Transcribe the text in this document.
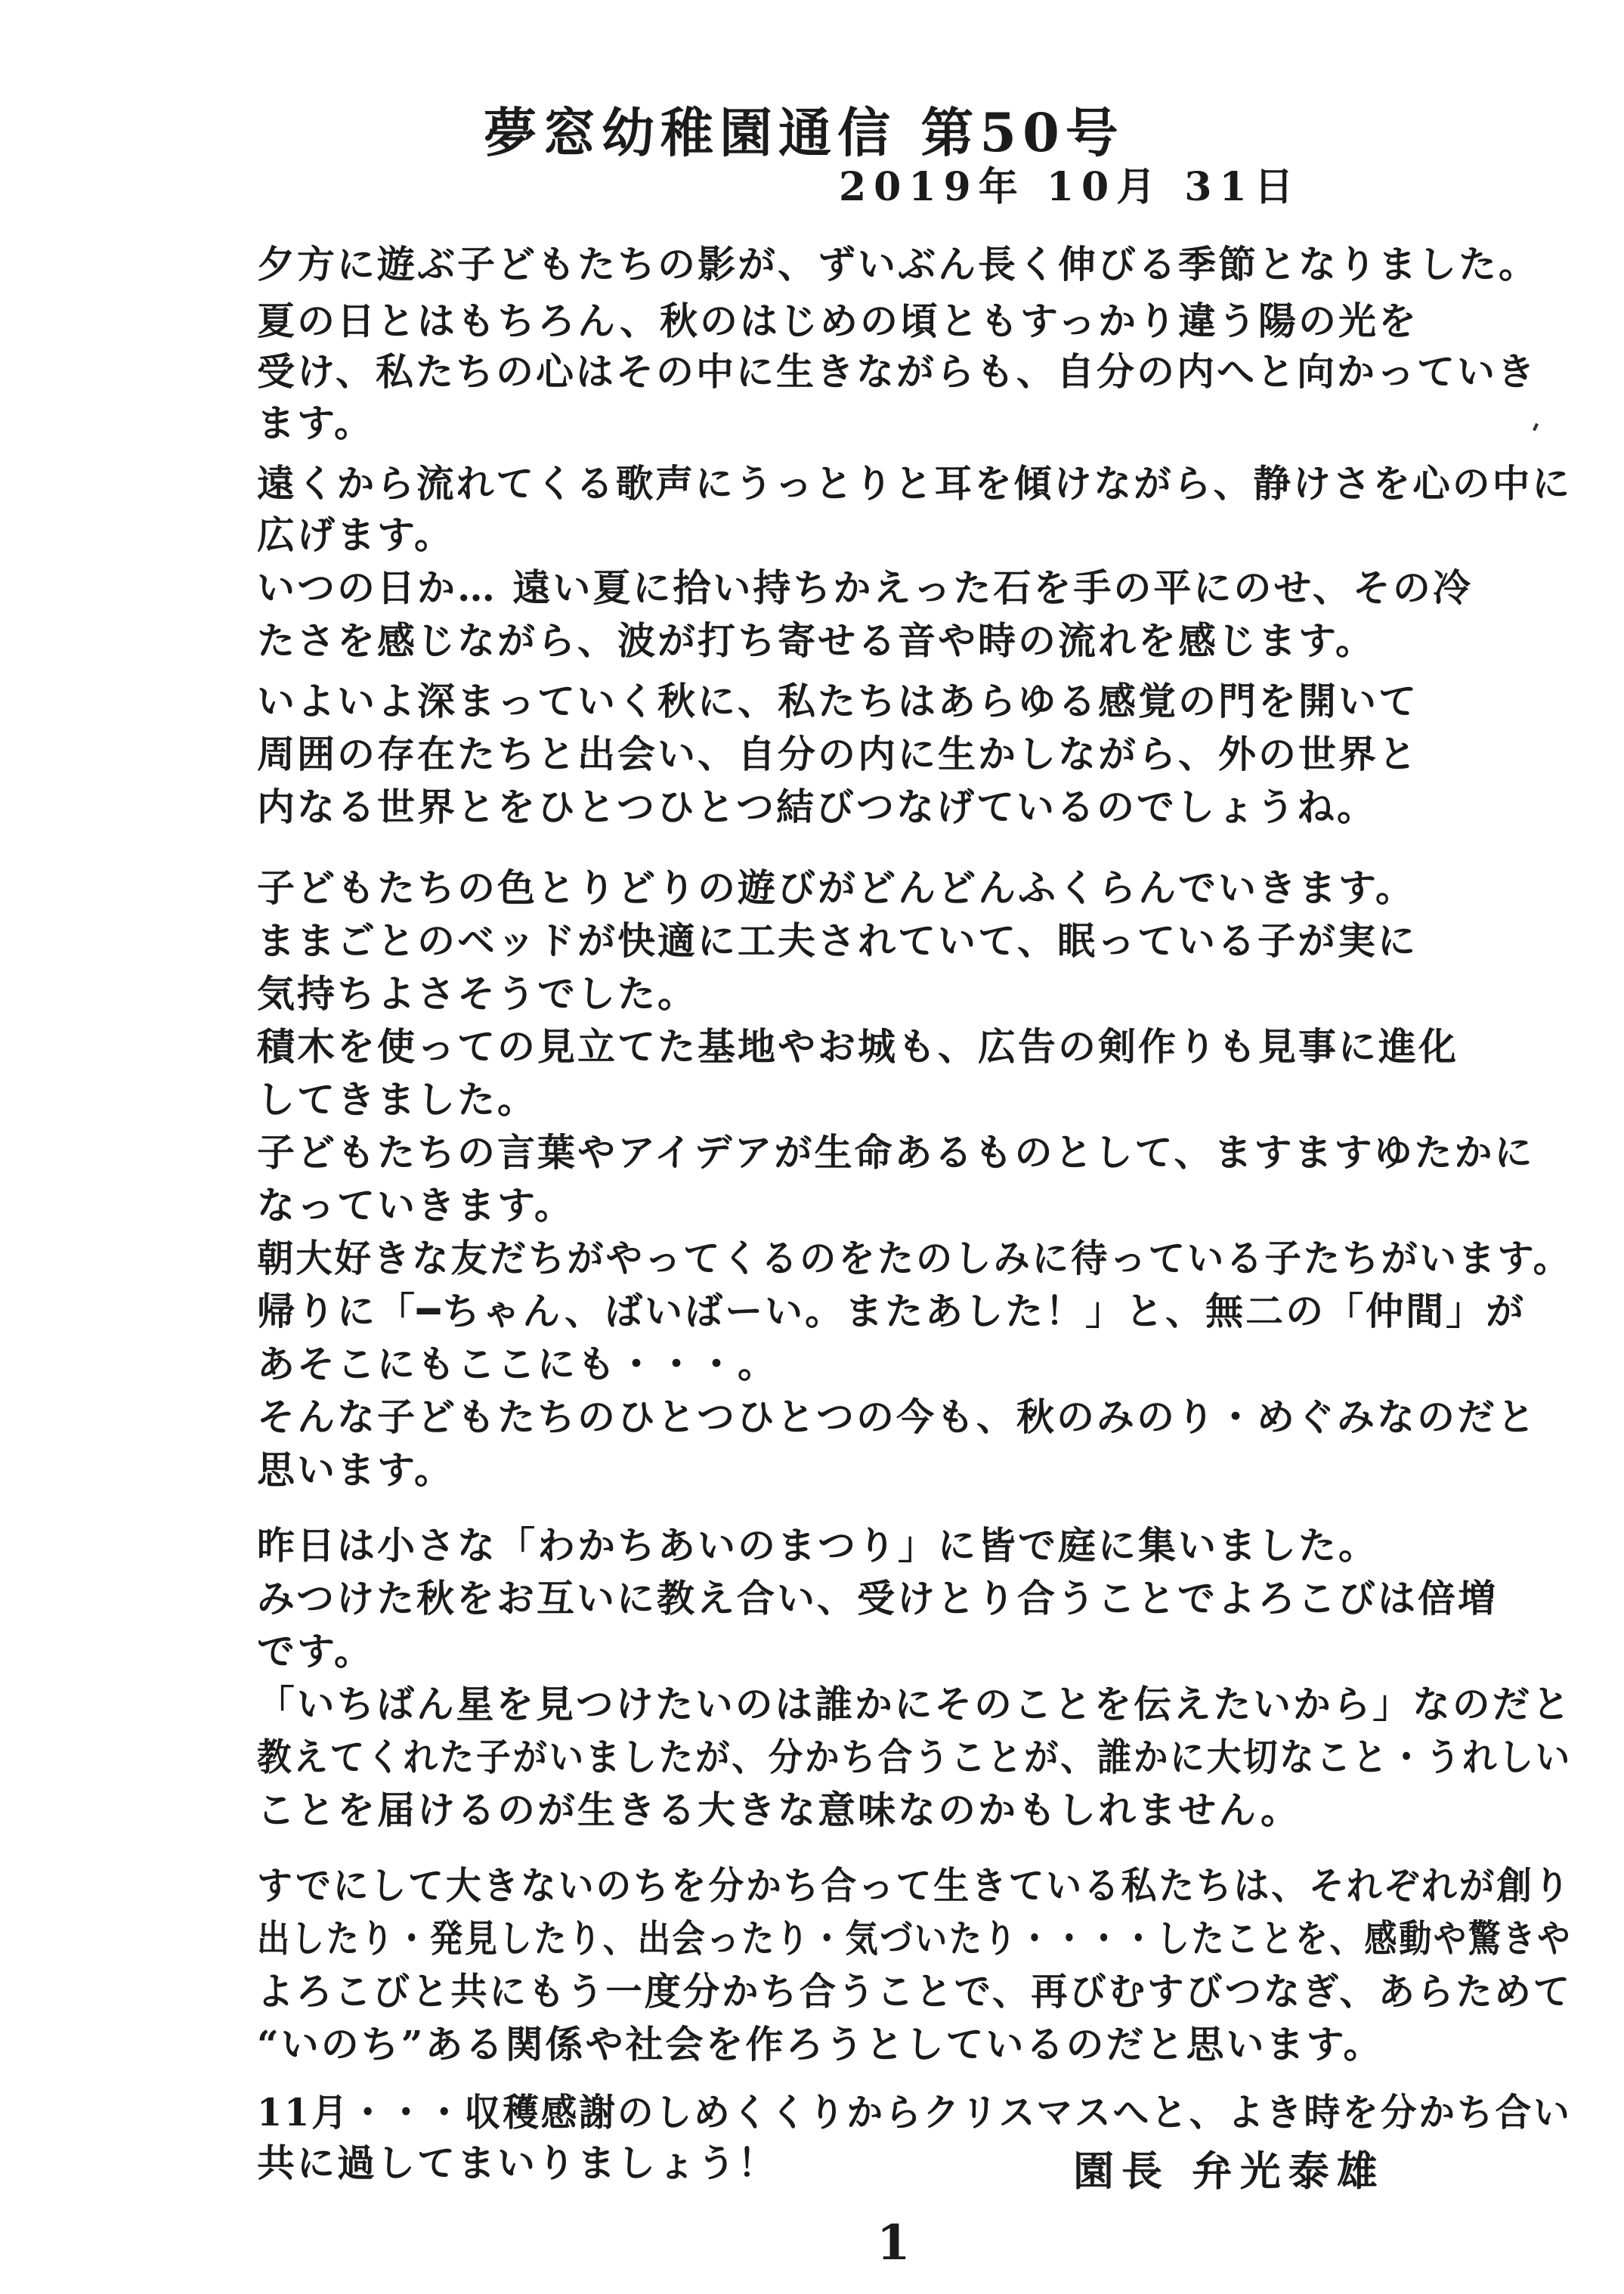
夢窓幼稚園通信 第50号
2019年 10月 31日
夕方に遊ぶ子どもたちの影が、ずいぶん長く伸びる季節となりました。
夏の日とはもちろん、秋のはじめの頃ともすっかり違う陽の光を
受け、私たちの心はその中に生きながらも、自分の内へと向かっていき
ます。
遠くから流れてくる歌声にうっとりと耳を傾けながら、静けさを心の中に
広げます。
いつの日か… 遠い夏に拾い持ちかえった石を手の平にのせ、その冷
たさを感じながら、波が打ち寄せる音や時の流れを感じます。
いよいよ深まっていく秋に、私たちはあらゆる感覚の門を開いて
周囲の存在たちと出会い、自分の内に生かしながら、外の世界と
内なる世界とをひとつひとつ結びつなげているのでしょうね。
子どもたちの色とりどりの遊びがどんどんふくらんでいきます。
ままごとのベッドが快適に工夫されていて、眠っている子が実に
気持ちよさそうでした。
積木を使っての見立てた基地やお城も、広告の剣作りも見事に進化
してきました。
子どもたちの言葉やアイデアが生命あるものとして、ますますゆたかに
なっていきます。
朝大好きな友だちがやってくるのをたのしみに待っている子たちがいます。
帰りに「━ちゃん、ばいばーい。またあした！」と、無二の「仲間」が
あそこにもここにも・・・。
そんな子どもたちのひとつひとつの今も、秋のみのり・めぐみなのだと
思います。
昨日は小さな「わかちあいのまつり」に皆で庭に集いました。
みつけた秋をお互いに教え合い、受けとり合うことでよろこびは倍増
です。
「いちばん星を見つけたいのは誰かにそのことを伝えたいから」なのだと
教えてくれた子がいましたが、分かち合うことが、誰かに大切なこと・うれしい
ことを届けるのが生きる大きな意味なのかもしれません。
すでにして大きないのちを分かち合って生きている私たちは、それぞれが創り
出したり・発見したり、出会ったり・気づいたり・・・・したことを、感動や驚きや
よろこびと共にもう一度分かち合うことで、再びむすびつなぎ、あらためて
“いのち”ある関係や社会を作ろうとしているのだと思います。
11月・・・収穫感謝のしめくくりからクリスマスへと、よき時を分かち合い
共に過してまいりましょう！	園長 弁光泰雄
1
